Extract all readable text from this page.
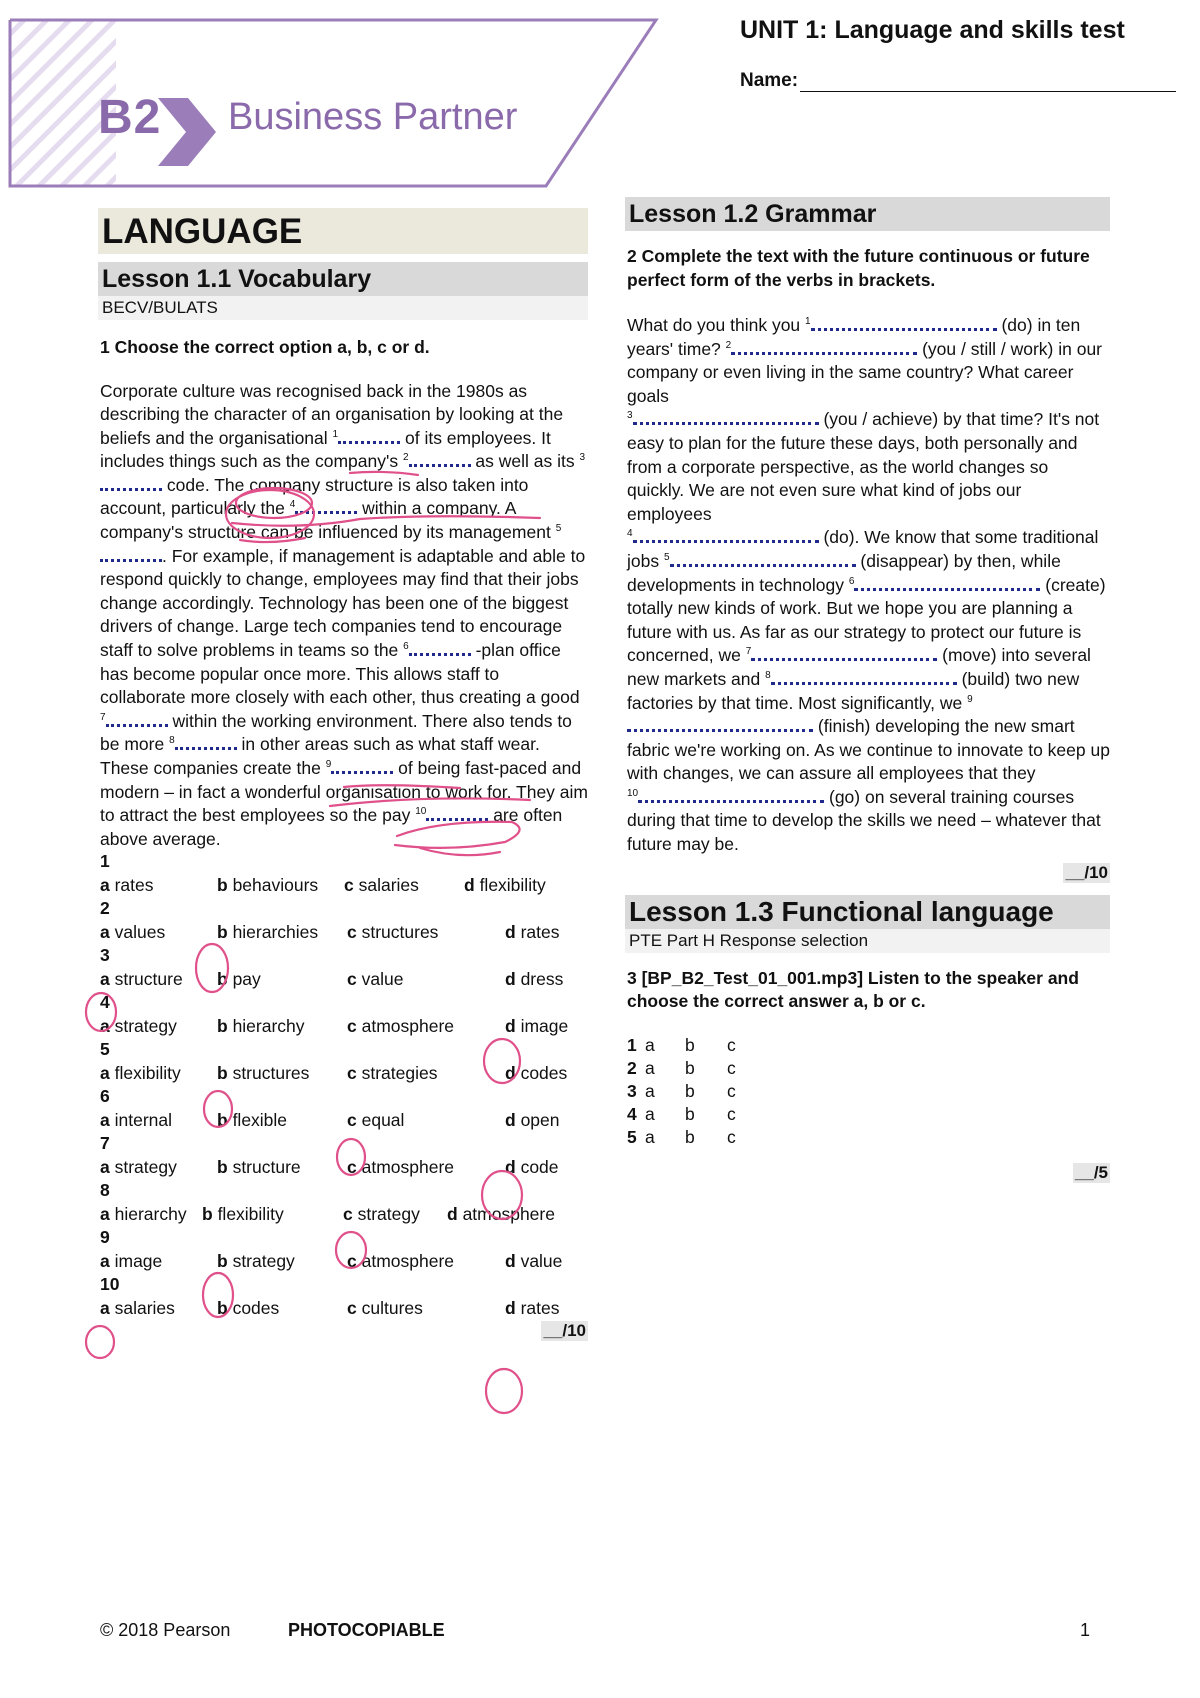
B2 Business Partner
UNIT 1: Language and skills test
Name:
LANGUAGE
Lesson 1.1 Vocabulary
BECV/BULATS
1 Choose the correct option a, b, c or d.
Corporate culture was recognised back in the 1980s as describing the character of an organisation by looking at the beliefs and the organisational $^1$	of its employees. It includes things such as the company's $^2$	as well as its $^3$ code. The company structure is also taken into account, particularly the $^4$	within a company. A company's structure can be influenced by its management $^5$. For example, if management is adaptable and able to respond quickly to change, employees may find that their jobs change accordingly. Technology has been one of the biggest drivers of change. Large tech companies tend to encourage staff to solve problems in teams so the $^6$	-plan office has become popular once more. This allows staff to collaborate more closely with each other, thus creating a good $^7$	within the working environment. There also tends to be more $^8$	in other areas such as what staff wear. These companies create the $^9$	of being fast-paced and modern – in fact a wonderful organisation to work for. They aim to attract the best employees so the pay $^{10}$	are often above average.
1
a rates	b behaviours c salaries	d flexibility
2
a values	b hierarchies c structures	d rates
3
a structure b pay	c value	d dress
4
a strategy b hierarchy c atmosphere	d image
5
a flexibility b structures c strategies	d codes
6
a internal	b flexible	c equal	d open
7
a strategy b structure	c atmosphere	d code
8
a hierarchy b flexibility	c strategy d atmosphere
9
a image	b strategy	c atmosphere	d value
10
a salaries b codes	c cultures	d rates
__/10
Lesson 1.2 Grammar
2 Complete the text with the future continuous or future perfect form of the verbs in brackets.
What do you think you $^1$	(do) in ten years' time? $^2$	(you / still / work) in our company or even living in the same country? What career goals
$^3$	(you / achieve) by that time? It's not easy to plan for the future these days, both personally and from a corporate perspective, as the world changes so quickly. We are not even sure what kind of jobs our employees
$^4$	(do). We know that some traditional jobs $^5$	(disappear) by then, while developments in technology $^6$	(create) totally new kinds of work. But we hope you are planning a future with us. As far as our strategy to protect our future is concerned, we $^7$	(move) into several new markets and $^8$	(build) two new factories by that time. Most significantly, we $^9$ (finish) developing the new smart fabric we're working on. As we continue to innovate to keep up with changes, we can assure all employees that they
$^{10}$	(go) on several training courses during that time to develop the skills we need – whatever that future may be.
__/10
Lesson 1.3 Functional language
PTE Part H Response selection
3 [BP_B2_Test_01_001.mp3] Listen to the speaker and choose the correct answer a, b or c.
1 a	b	c
2 a	b	c
3 a	b	c
4 a	b	c
5 a	b	c
__/5
© 2018 Pearson	PHOTOCOPIABLE	1
